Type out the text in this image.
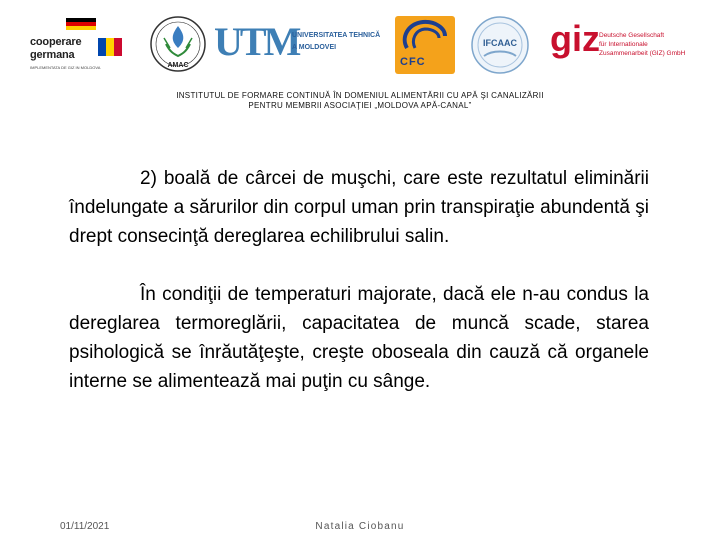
cooperare
germana
IMPLEMENTATA DE GIZ IN MOLDOVA	AMAC
UTM
UNIVERSITATEA TEHNICĂ
A MOLDOVEI
CFC
IFCAAC giz Deutsche Gesellschaft
für Internationale
Zusammenarbeit (GIZ) GmbH
INSTITUTUL DE FORMARE CONTINUĂ ÎN DOMENIUL ALIMENTĂRII CU APĂ ŞI CANALIZĂRII
PENTRU MEMBRII ASOCIAŢIEI „MOLDOVA APĂ-CANAL”

2) boală de cârcei de muşchi, care este rezultatul eliminării îndelungate a sărurilor din corpul uman prin transpiraţie abundentă şi drept consecinţă dereglarea echilibrului salin.

În condiţii de temperaturi majorate, dacă ele n-au condus la dereglarea termoreglării, capacitatea de muncă scade, starea psihologică se înrăutăţeşte, creşte oboseala din cauză că organele interne se alimentează mai puţin cu sânge.

01/11/2021	Natalia Ciobanu
